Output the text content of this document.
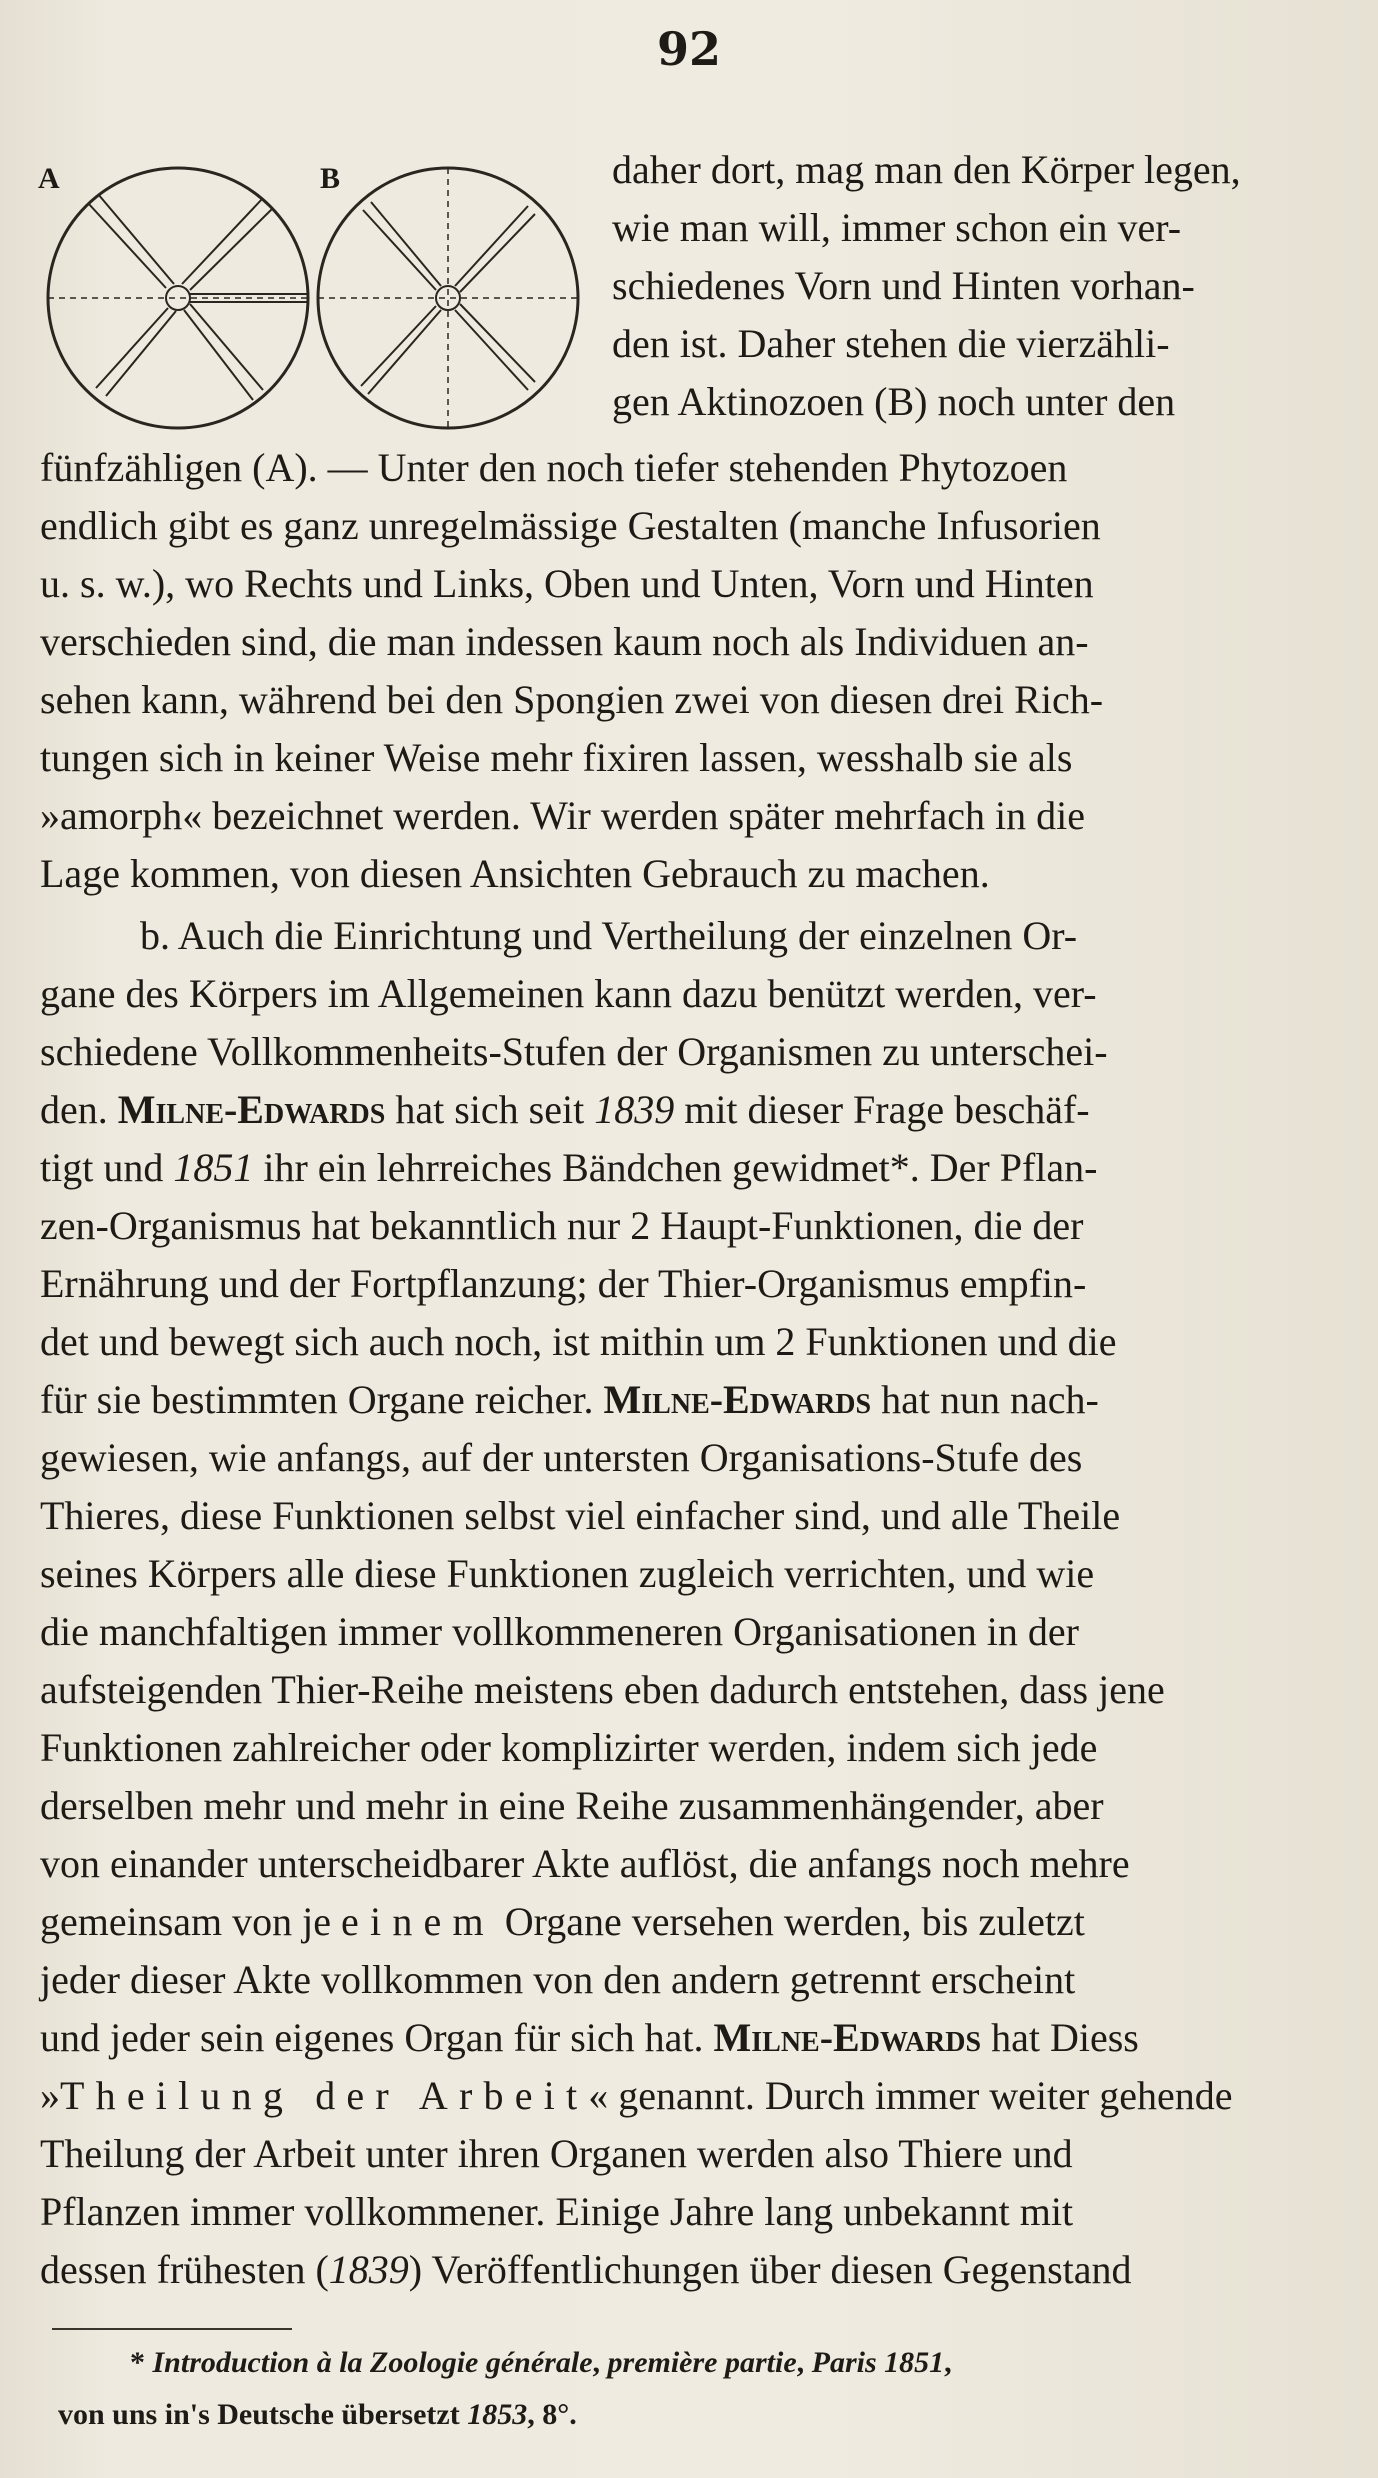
92
A	B	daher dort, mag man den Körper legen,
wie man will, immer schon ein ver-
schiedenes Vorn und Hinten vorhan-
den ist. Daher stehen die vierzähli-
gen Aktinozoen (B) noch unter den
fünfzähligen (A). — Unter den noch tiefer stehenden Phytozoen
endlich gibt es ganz unregelmässige Gestalten (manche Infusorien
u. s. w.), wo Rechts und Links, Oben und Unten, Vorn und Hinten
verschieden sind, die man indessen kaum noch als Individuen an-
sehen kann, während bei den Spongien zwei von diesen drei Rich-
tungen sich in keiner Weise mehr fixiren lassen, wesshalb sie als
»amorph« bezeichnet werden. Wir werden später mehrfach in die
Lage kommen, von diesen Ansichten Gebrauch zu machen.
b. Auch die Einrichtung und Vertheilung der einzelnen Or-
gane des Körpers im Allgemeinen kann dazu benützt werden, ver-
schiedene Vollkommenheits-Stufen der Organismen zu unterschei-
den. Milne-Edwards hat sich seit 1839 mit dieser Frage beschäf-
tigt und 1851 ihr ein lehrreiches Bändchen gewidmet*. Der Pflan-
zen-Organismus hat bekanntlich nur 2 Haupt-Funktionen, die der
Ernährung und der Fortpflanzung; der Thier-Organismus empfin-
det und bewegt sich auch noch, ist mithin um 2 Funktionen und die
für sie bestimmten Organe reicher. Milne-Edwards hat nun nach-
gewiesen, wie anfangs, auf der untersten Organisations-Stufe des
Thieres, diese Funktionen selbst viel einfacher sind, und alle Theile
seines Körpers alle diese Funktionen zugleich verrichten, und wie
die manchfaltigen immer vollkommeneren Organisationen in der
aufsteigenden Thier-Reihe meistens eben dadurch entstehen, dass jene
Funktionen zahlreicher oder komplizirter werden, indem sich jede
derselben mehr und mehr in eine Reihe zusammenhängender, aber
von einander unterscheidbarer Akte auflöst, die anfangs noch mehre
gemeinsam von je einem Organe versehen werden, bis zuletzt
jeder dieser Akte vollkommen von den andern getrennt erscheint
und jeder sein eigenes Organ für sich hat. Milne-Edwards hat Diess
»Theilung der Arbeit« genannt. Durch immer weiter gehende
Theilung der Arbeit unter ihren Organen werden also Thiere und
Pflanzen immer vollkommener. Einige Jahre lang unbekannt mit
dessen frühesten (1839) Veröffentlichungen über diesen Gegenstand
* Introduction à la Zoologie générale, première partie, Paris 1851,
von uns in's Deutsche übersetzt 1853, 8°.
